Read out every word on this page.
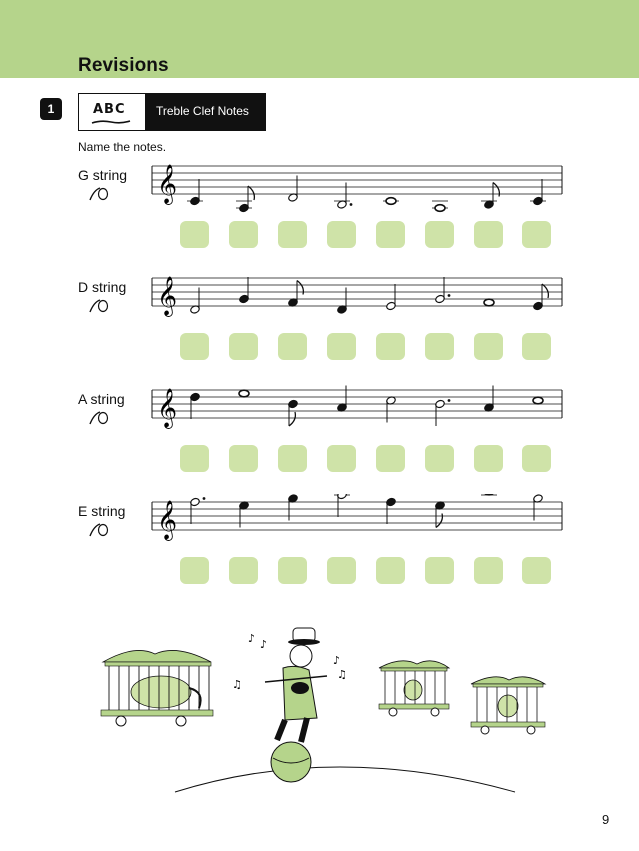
Revisions
1	ABC	Treble Clef Notes
Name the notes.
G string 𝄞
D string 𝄞
A string 𝄞
E string 𝄞
♪ ♪
♫
♪
♫
9
